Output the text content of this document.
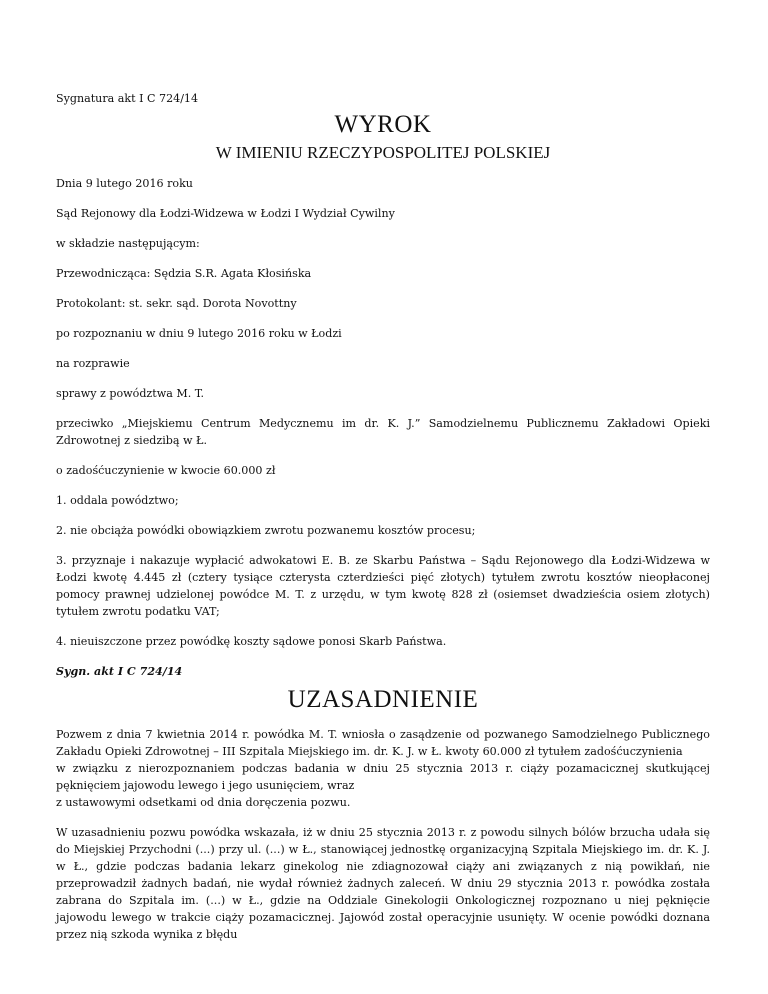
Sygnatura akt I C 724/14

WYROK

W IMIENIU RZECZYPOSPOLITEJ POLSKIEJ

Dnia 9 lutego 2016 roku

Sąd Rejonowy dla Łodzi-Widzewa w Łodzi I Wydział Cywilny

w składzie następującym:

Przewodnicząca: Sędzia S.R. Agata Kłosińska

Protokolant: st. sekr. sąd. Dorota Novottny

po rozpoznaniu w dniu 9 lutego 2016 roku w Łodzi

na rozprawie

sprawy z powództwa M. T.

przeciwko „Miejskiemu Centrum Medycznemu im dr. K. J.” Samodzielnemu Publicznemu Zakładowi Opieki Zdrowotnej z siedzibą w Ł.

o zadośćuczynienie w kwocie 60.000 zł

1. oddala powództwo;

2. nie obciąża powódki obowiązkiem zwrotu pozwanemu kosztów procesu;

3. przyznaje i nakazuje wypłacić adwokatowi E. B. ze Skarbu Państwa – Sądu Rejonowego dla Łodzi-Widzewa w Łodzi kwotę 4.445 zł (cztery tysiące czterysta czterdzieści pięć złotych) tytułem zwrotu kosztów nieopłaconej pomocy prawnej udzielonej powódce M. T. z urzędu, w tym kwotę 828 zł (osiemset dwadzieścia osiem złotych) tytułem zwrotu podatku VAT;

4. nieuiszczone przez powódkę koszty sądowe ponosi Skarb Państwa.

Sygn. akt I C 724/14

UZASADNIENIE

Pozwem z dnia 7 kwietnia 2014 r. powódka M. T. wniosła o zasądzenie od pozwanego Samodzielnego Publicznego Zakładu Opieki Zdrowotnej – III Szpitala Miejskiego im. dr. K. J. w Ł. kwoty 60.000 zł tytułem zadośćuczynienia

w związku z nierozpoznaniem podczas badania w dniu 25 stycznia 2013 r. ciąży pozamacicznej skutkującej pęknięciem jajowodu lewego i jego usunięciem, wraz

z ustawowymi odsetkami od dnia doręczenia pozwu.

W uzasadnieniu pozwu powódka wskazała, iż w dniu 25 stycznia 2013 r. z powodu silnych bólów brzucha udała się do Miejskiej Przychodni (...) przy ul. (...) w Ł., stanowiącej jednostkę organizacyjną Szpitala Miejskiego im. dr. K. J. w Ł., gdzie podczas badania lekarz ginekolog nie zdiagnozował ciąży ani związanych z nią powikłań, nie przeprowadził żadnych badań, nie wydał również żadnych zaleceń. W dniu 29 stycznia 2013 r. powódka została zabrana do Szpitala im. (...) w Ł., gdzie na Oddziale Ginekologii Onkologicznej rozpoznano u niej pęknięcie jajowodu lewego w trakcie ciąży pozamacicznej. Jajowód został operacyjnie usunięty. W ocenie powódki doznana przez nią szkoda wynika z błędu
